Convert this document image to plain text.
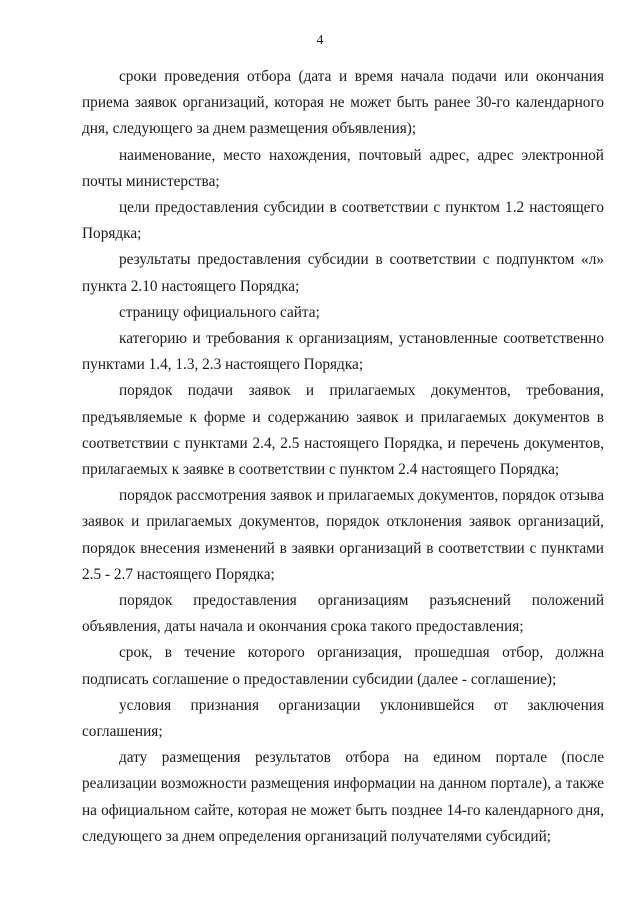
4

сроки проведения отбора (дата и время начала подачи или окончания приема заявок организаций, которая не может быть ранее 30-го календарного дня, следующего за днем размещения объявления);

наименование, место нахождения, почтовый адрес, адрес электронной почты министерства;

цели предоставления субсидии в соответствии с пунктом 1.2 настоящего Порядка;

результаты предоставления субсидии в соответствии с подпунктом «л» пункта 2.10 настоящего Порядка;

страницу официального сайта;

категорию и требования к организациям, установленные соответственно пунктами 1.4, 1.3, 2.3 настоящего Порядка;

порядок подачи заявок и прилагаемых документов, требования, предъявляемые к форме и содержанию заявок и прилагаемых документов в соответствии с пунктами 2.4, 2.5 настоящего Порядка, и перечень документов, прилагаемых к заявке в соответствии с пунктом 2.4 настоящего Порядка;

порядок рассмотрения заявок и прилагаемых документов, порядок отзыва заявок и прилагаемых документов, порядок отклонения заявок организаций, порядок внесения изменений в заявки организаций в соответствии с пунктами 2.5 - 2.7 настоящего Порядка;

порядок предоставления организациям разъяснений положений объявления, даты начала и окончания срока такого предоставления;

срок, в течение которого организация, прошедшая отбор, должна подписать соглашение о предоставлении субсидии (далее - соглашение);

условия признания организации уклонившейся от заключения соглашения;

дату размещения результатов отбора на едином портале (после реализации возможности размещения информации на данном портале), а также на официальном сайте, которая не может быть позднее 14-го календарного дня, следующего за днем определения организаций получателями субсидий;
